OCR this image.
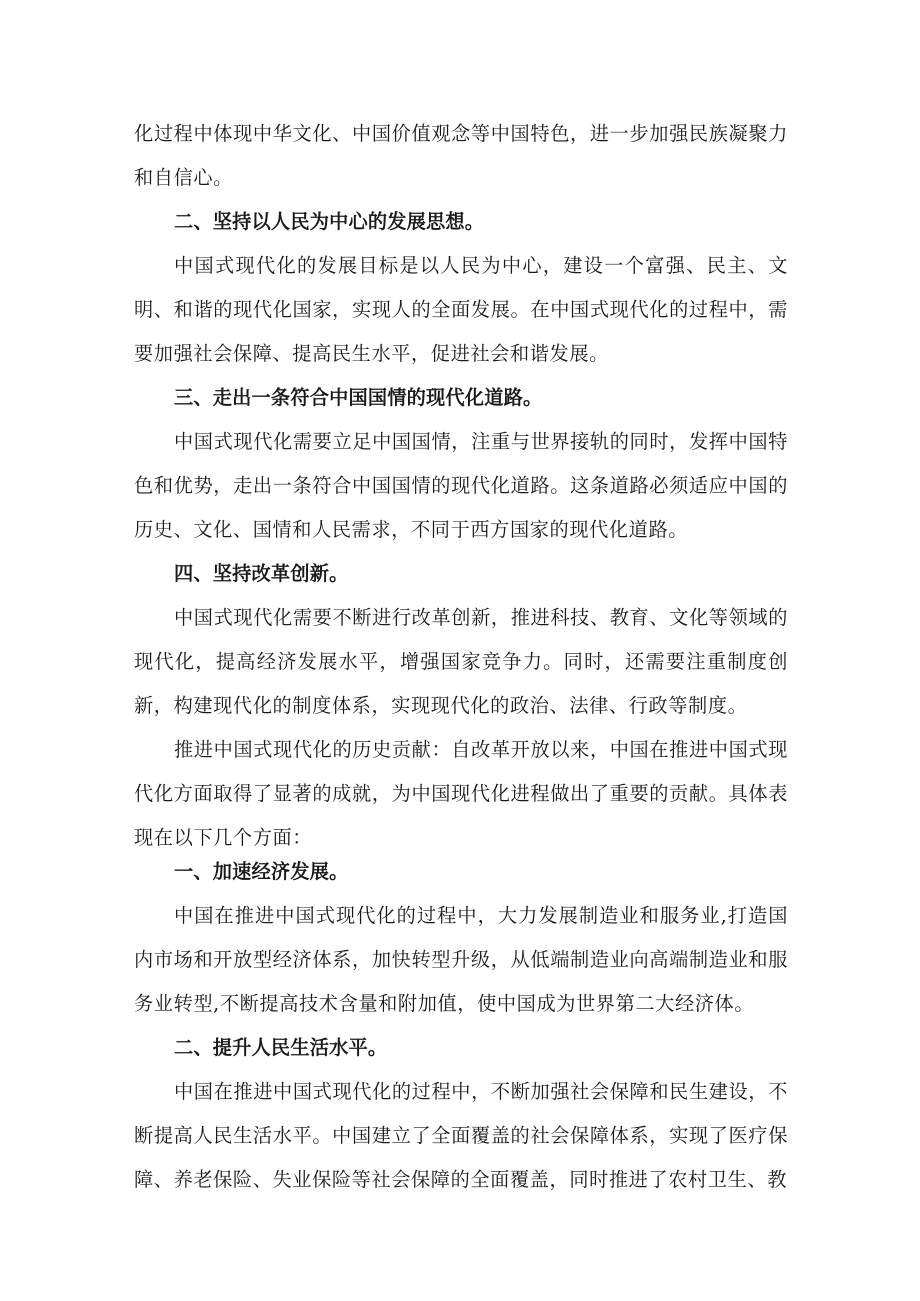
化过程中体现中华文化、中国价值观念等中国特色，进一步加强民族凝聚力和自信心。

二、坚持以人民为中心的发展思想。

中国式现代化的发展目标是以人民为中心，建设一个富强、民主、文明、和谐的现代化国家，实现人的全面发展。在中国式现代化的过程中，需要加强社会保障、提高民生水平，促进社会和谐发展。

三、走出一条符合中国国情的现代化道路。

中国式现代化需要立足中国国情，注重与世界接轨的同时，发挥中国特色和优势，走出一条符合中国国情的现代化道路。这条道路必须适应中国的历史、文化、国情和人民需求，不同于西方国家的现代化道路。

四、坚持改革创新。

中国式现代化需要不断进行改革创新，推进科技、教育、文化等领域的现代化，提高经济发展水平，增强国家竞争力。同时，还需要注重制度创新，构建现代化的制度体系，实现现代化的政治、法律、行政等制度。

推进中国式现代化的历史贡献：自改革开放以来，中国在推进中国式现代化方面取得了显著的成就，为中国现代化进程做出了重要的贡献。具体表现在以下几个方面：

一、加速经济发展。

中国在推进中国式现代化的过程中，大力发展制造业和服务业,打造国内市场和开放型经济体系，加快转型升级，从低端制造业向高端制造业和服务业转型,不断提高技术含量和附加值，使中国成为世界第二大经济体。

二、提升人民生活水平。

中国在推进中国式现代化的过程中，不断加强社会保障和民生建设，不断提高人民生活水平。中国建立了全面覆盖的社会保障体系，实现了医疗保障、养老保险、失业保险等社会保障的全面覆盖，同时推进了农村卫生、教
